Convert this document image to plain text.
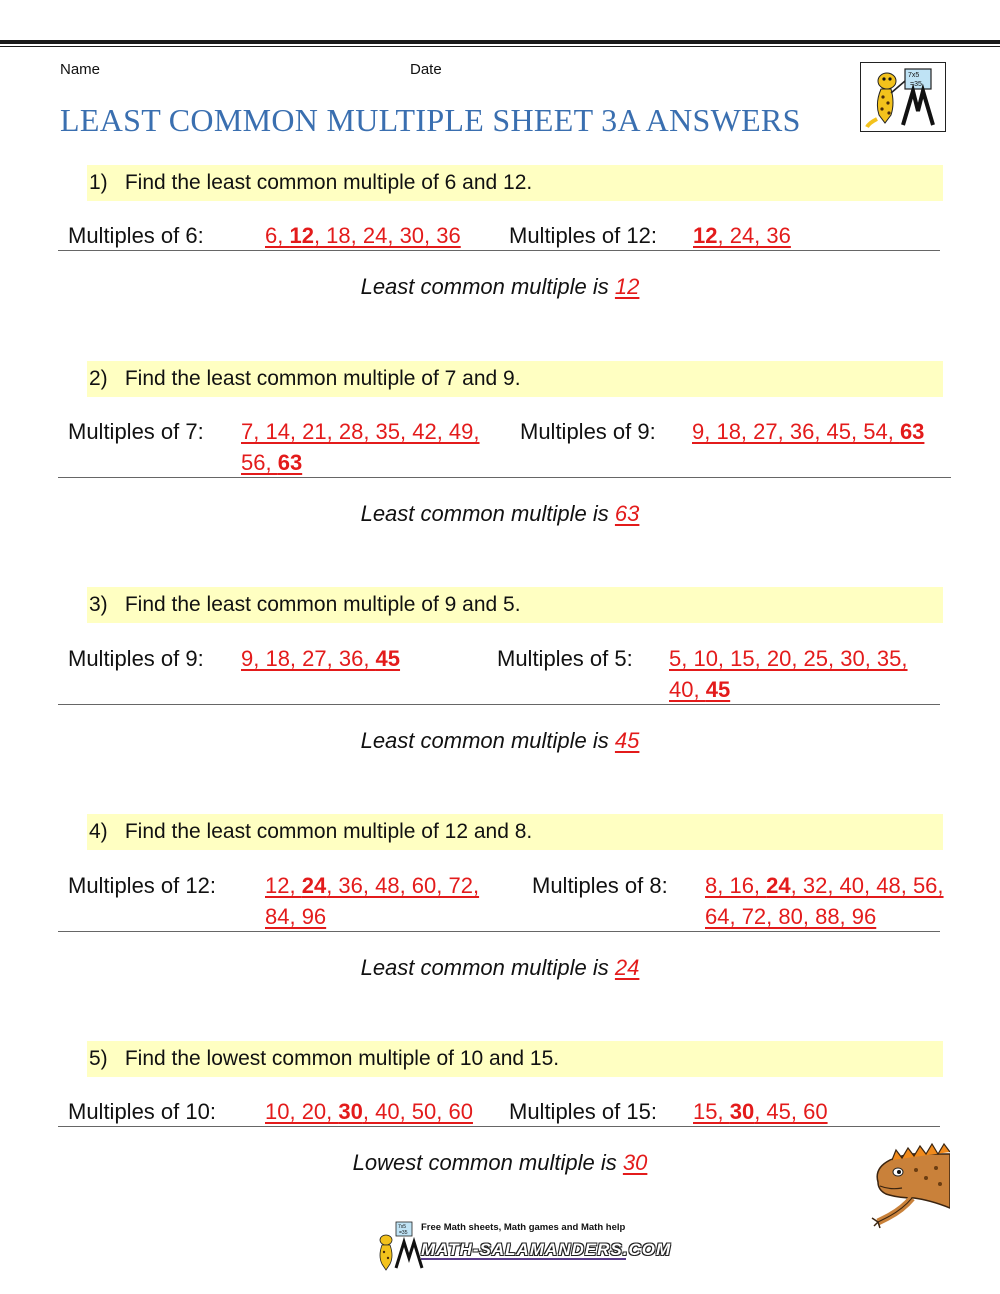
Name	Date
LEAST COMMON MULTIPLE SHEET 3A ANSWERS
7x5
=35
1) Find the least common multiple of 6 and 12.
Multiples of 6:	6, 12, 18, 24, 30, 36	Multiples of 12: 12, 24, 36
Least common multiple is 12
2) Find the least common multiple of 7 and 9.
Multiples of 7: 7, 14, 21, 28, 35, 42, 49, 56, 63
Multiples of 9: 9, 18, 27, 36, 45, 54, 63
Least common multiple is 63
3) Find the least common multiple of 9 and 5.
Multiples of 9: 9, 18, 27, 36, 45	Multiples of 5: 5, 10, 15, 20, 25, 30, 35, 40, 45
Least common multiple is 45
4) Find the least common multiple of 12 and 8.
Multiples of 12: 12, 24, 36, 48, 60, 72, 84, 96
Multiples of 8: 8, 16, 24, 32, 40, 48, 56, 64, 72, 80, 88, 96
Least common multiple is 24
5) Find the lowest common multiple of 10 and 15.
Multiples of 10: 10, 20, 30, 40, 50, 60	Multiples of 15: 15, 30, 45, 60
Lowest common multiple is 30
7x5
=35 Free Math sheets, Math games and Math help
MATH-SALAMANDERS.COM
